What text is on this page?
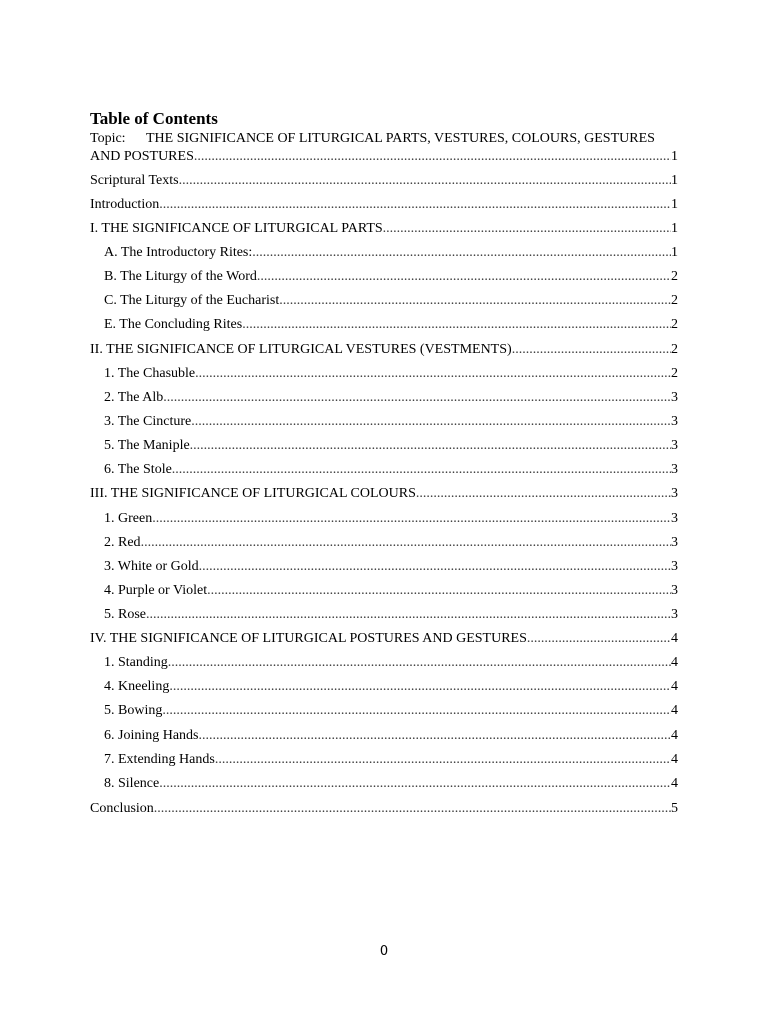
Table of Contents
Topic:	THE SIGNIFICANCE OF LITURGICAL PARTS, VESTURES, COLOURS, GESTURES
AND POSTURES .....	1
Scriptural Texts .....	1
Introduction .....	1
I. THE SIGNIFICANCE OF LITURGICAL PARTS .....	1
A. The Introductory Rites: .....	1
B. The Liturgy of the Word .....	2
C. The Liturgy of the Eucharist .....	2
E. The Concluding Rites .....	2
II. THE SIGNIFICANCE OF LITURGICAL VESTURES (VESTMENTS) .....	2
1. The Chasuble .....	2
2. The Alb .....	3
3. The Cincture .....	3
5. The Maniple .....	3
6. The Stole .....	3
III. THE SIGNIFICANCE OF LITURGICAL COLOURS .....	3
1. Green .....	3
2. Red .....	3
3. White or Gold .....	3
4. Purple or Violet .....	3
5. Rose .....	3
IV. THE SIGNIFICANCE OF LITURGICAL POSTURES AND GESTURES .....	4
1. Standing .....	4
4. Kneeling .....	4
5. Bowing .....	4
6. Joining Hands .....	4
7. Extending Hands .....	4
8. Silence .....	4
Conclusion .....	5
0
